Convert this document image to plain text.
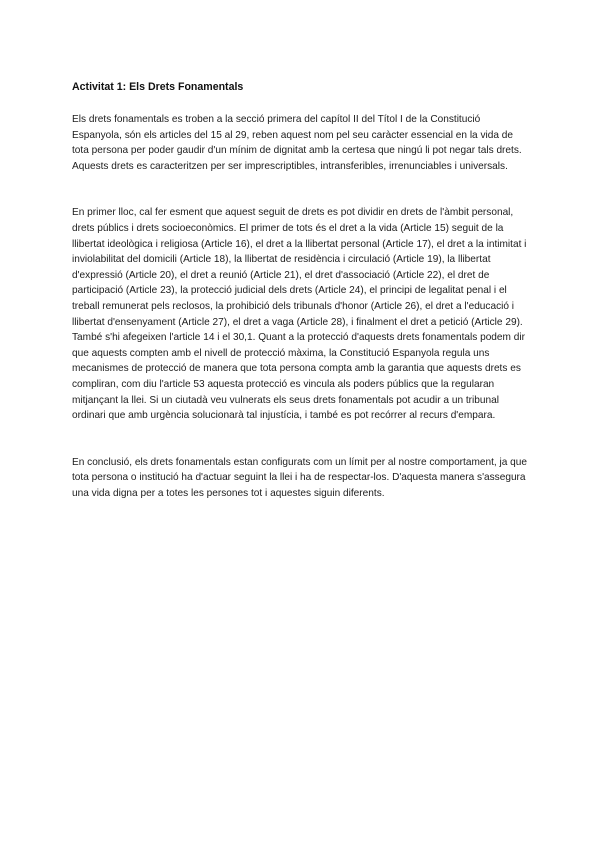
Activitat 1: Els Drets Fonamentals

Els drets fonamentals es troben a la secció primera del capítol II del Títol I de la Constitució Espanyola, són els articles del 15 al 29, reben aquest nom pel seu caràcter essencial en la vida de tota persona per poder gaudir d'un mínim de dignitat amb la certesa que ningú li pot negar tals drets. Aquests drets es caracteritzen per ser imprescriptibles, intransferibles, irrenunciables i universals.

En primer lloc, cal fer esment que aquest seguit de drets es pot dividir en drets de l'àmbit personal, drets públics i drets socioeconòmics. El primer de tots és el dret a la vida (Article 15) seguit de la llibertat ideològica i religiosa (Article 16), el dret a la llibertat personal (Article 17), el dret a la intimitat i inviolabilitat del domicili (Article 18), la llibertat de residència i circulació (Article 19), la llibertat d'expressió (Article 20), el dret a reunió (Article 21), el dret d'associació (Article 22), el dret de participació (Article 23), la protecció judicial dels drets (Article 24), el principi de legalitat penal i el treball remunerat pels reclosos, la prohibició dels tribunals d'honor (Article 26), el dret a l'educació i llibertat d'ensenyament (Article 27), el dret a vaga (Article 28), i finalment el dret a petició (Article 29). També s'hi afegeixen l'article 14 i el 30,1. Quant a la protecció d'aquests drets fonamentals podem dir que aquests compten amb el nivell de protecció màxima, la Constitució Espanyola regula uns mecanismes de protecció de manera que tota persona compta amb la garantia que aquests drets es compliran, com diu l'article 53 aquesta protecció es vincula als poders públics que la regularan mitjançant la llei. Si un ciutadà veu vulnerats els seus drets fonamentals pot acudir a un tribunal ordinari que amb urgència solucionarà tal injustícia, i també es pot recórrer al recurs d'empara.

En conclusió, els drets fonamentals estan configurats com un límit per al nostre comportament, ja que tota persona o institució ha d'actuar seguint la llei i ha de respectar-los. D'aquesta manera s'assegura una vida digna per a totes les persones tot i aquestes siguin diferents.
